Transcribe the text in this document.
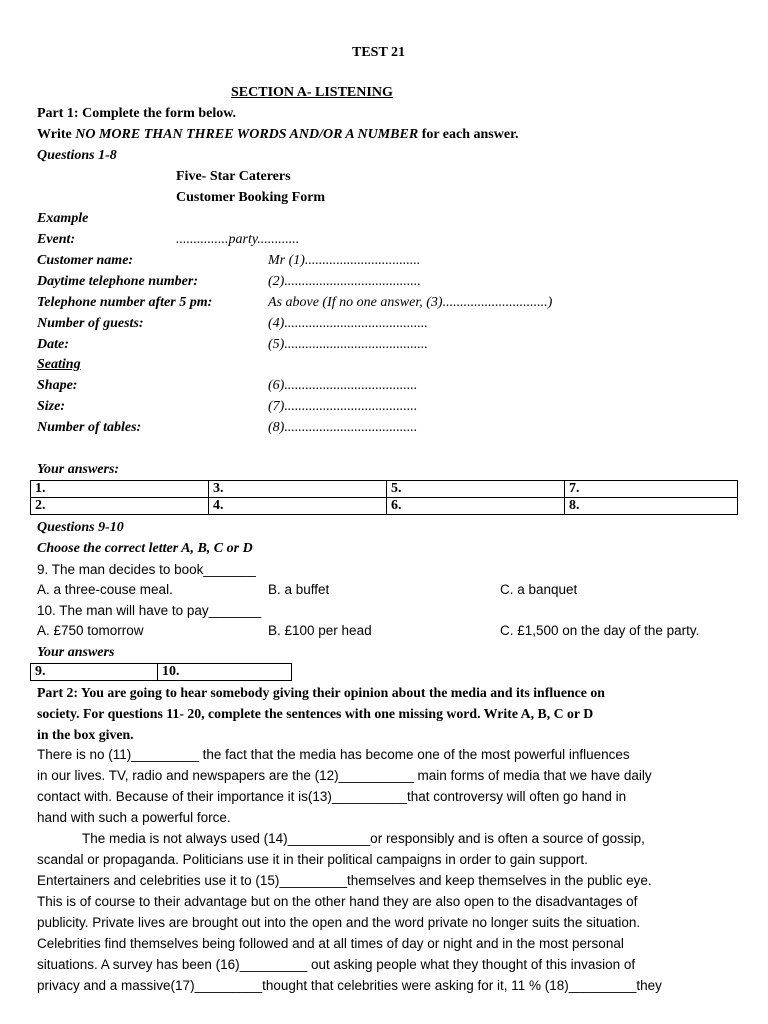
TEST 21
SECTION A- LISTENING
Part 1: Complete the form below.
Write NO MORE THAN THREE WORDS AND/OR A NUMBER for each answer.
Questions 1-8
Five- Star Caterers
Customer Booking Form
Example
Event:	...............party............
Customer name:	Mr (1).................................
Daytime telephone number:	(2).......................................
Telephone number after 5 pm:	As above (If no one answer, (3)..............................)
Number of guests:	(4).........................................
Date:	(5).........................................
Seating
Shape:	(6)......................................
Size:	(7)......................................
Number of tables:	(8)......................................
Your answers:
1.	3.	5.	7.
2.	4.	6.	8.
Questions 9-10
Choose the correct letter A, B, C or D
9. The man decides to book_______
A. a three-couse meal.	B. a buffet	C. a banquet
10. The man will have to pay_______
A. £750 tomorrow	B. £100 per head	C. £1,500 on the day of the party.
Your answers
9.	10.
Part 2: You are going to hear somebody giving their opinion about the media and its influence on
society. For questions 11- 20, complete the sentences with one missing word. Write A, B, C or D
in the box given.
There is no (11)_________ the fact that the media has become one of the most powerful influences
in our lives. TV, radio and newspapers are the (12)__________ main forms of media that we have daily
contact with. Because of their importance it is(13)__________that controversy will often go hand in
hand with such a powerful force.
The media is not always used (14)___________or responsibly and is often a source of gossip,
scandal or propaganda. Politicians use it in their political campaigns in order to gain support.
Entertainers and celebrities use it to (15)_________themselves and keep themselves in the public eye.
This is of course to their advantage but on the other hand they are also open to the disadvantages of
publicity. Private lives are brought out into the open and the word private no longer suits the situation.
Celebrities find themselves being followed and at all times of day or night and in the most personal
situations. A survey has been (16)_________ out asking people what they thought of this invasion of
privacy and a massive(17)_________thought that celebrities were asking for it, 11 % (18)_________they
